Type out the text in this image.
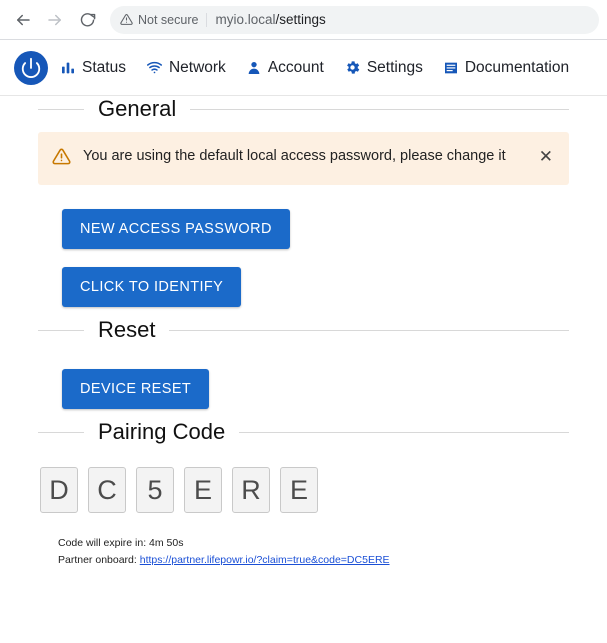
Not secure myio.local /settings
Status	Network	Account	Settings	Documentation
General
You are using the default local access password, please change it	✕
NEW ACCESS PASSWORD
CLICK TO IDENTIFY
Reset
DEVICE RESET
Pairing Code
D	C	5	E	R	E
Code will expire in: 4m 50s
Partner onboard: https://partner.lifepowr.io/?claim=true&code=DC5ERE
